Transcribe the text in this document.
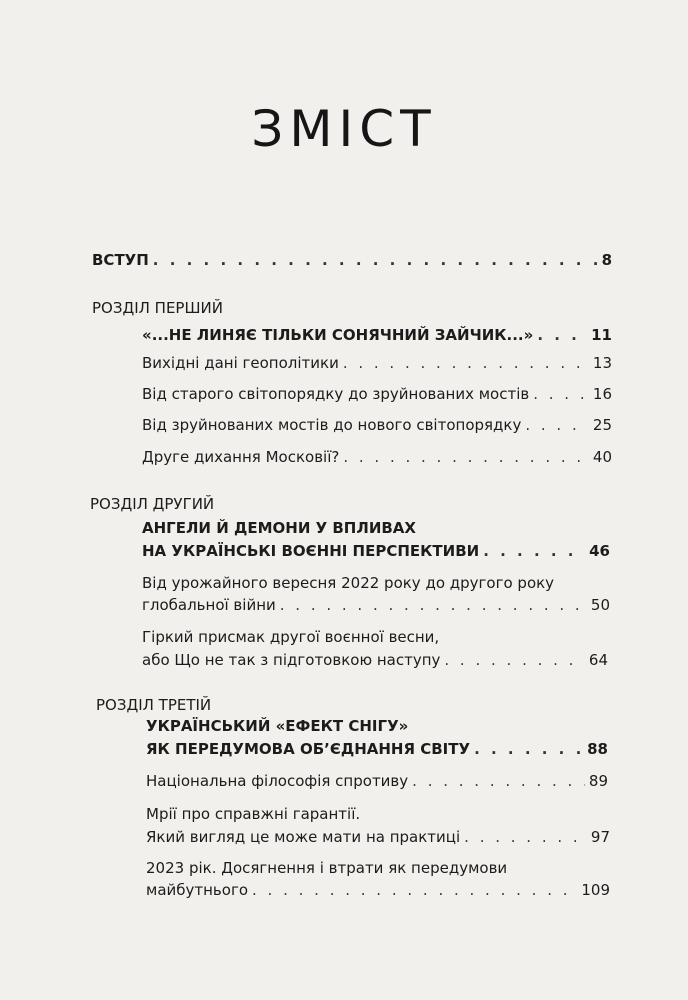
ЗМІСТ
ВСТУП . . .	8
РОЗДІЛ ПЕРШИЙ
«...НЕ ЛИНЯЄ ТІЛЬКИ СОНЯЧНИЙ ЗАЙЧИК...» . . .	11
Вихідні дані геополітики . . .	13
Від старого світопорядку до зруйнованих мостів . . .	16
Від зруйнованих мостів до нового світопорядку . . .	25
Друге дихання Московії? . . .	40
РОЗДІЛ ДРУГИЙ
АНГЕЛИ Й ДЕМОНИ У ВПЛИВАХ
НА УКРАЇНСЬКІ ВОЄННІ ПЕРСПЕКТИВИ . . .	46
Від урожайного вересня 2022 року до другого року
глобальної війни . . .	50
Гіркий присмак другої воєнної весни,
або Що не так з підготовкою наступу . . .	64
РОЗДІЛ ТРЕТІЙ
УКРАЇНСЬКИЙ «ЕФЕКТ СНІГУ»
ЯК ПЕРЕДУМОВА ОБ’ЄДНАННЯ СВІТУ . . .	88
Національна філософія спротиву . . .	89
Мрії про справжні гарантії.
Який вигляд це може мати на практиці . . .	97
2023 рік. Досягнення і втрати як передумови
майбутнього . . .	109
